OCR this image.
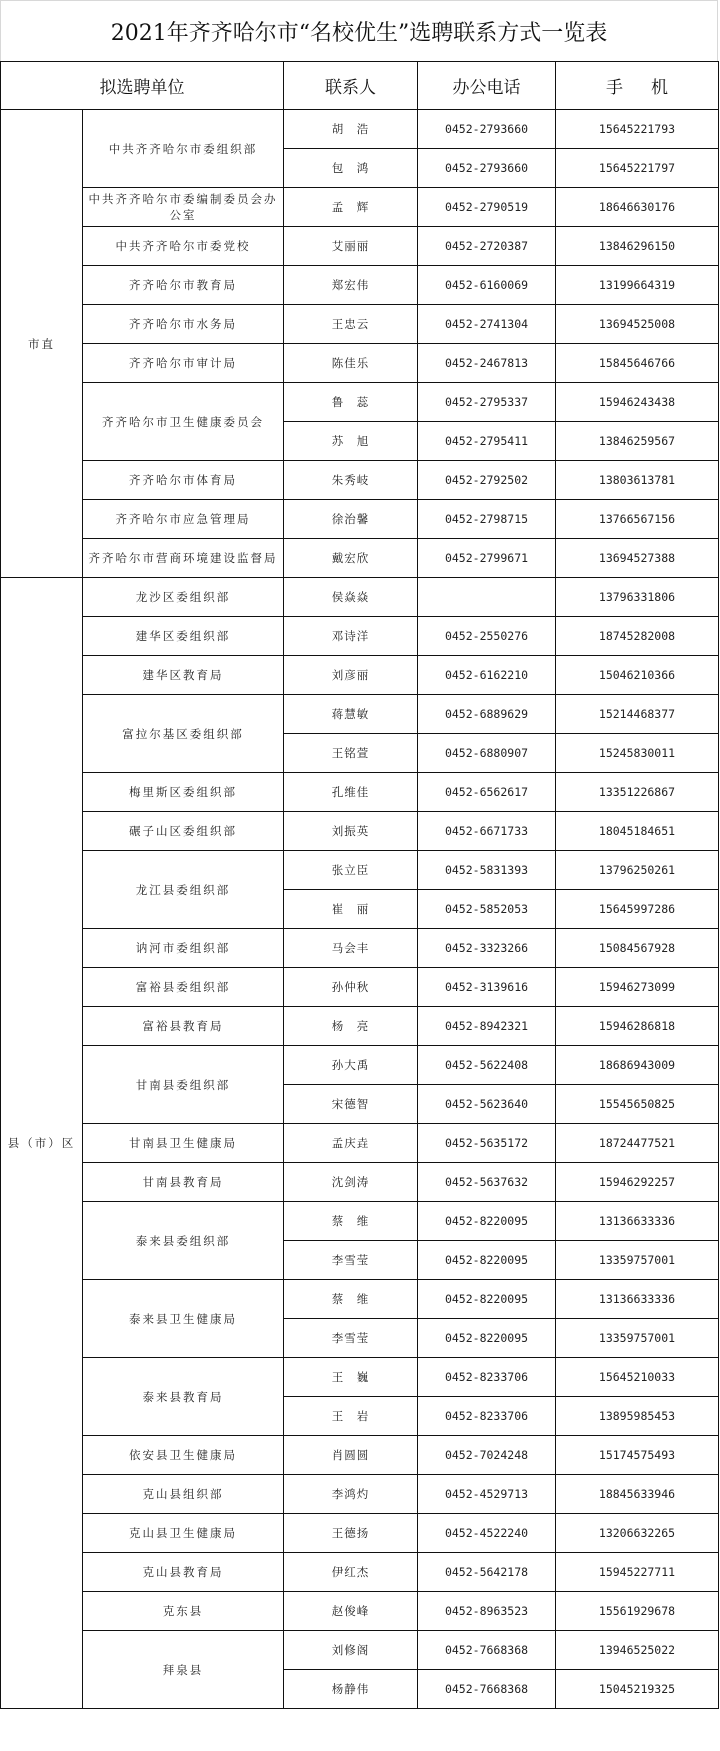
2021年齐齐哈尔市“名校优生”选聘联系方式一览表
拟选聘单位		联系人	办公电话	手机
市直	中共齐齐哈尔市委组织部	胡　浩	0452-2793660	15645221793
		包　鸿	0452-2793660	15645221797
	中共齐齐哈尔市委编制委员会办公室	孟　辉	0452-2790519	18646630176
	中共齐齐哈尔市委党校	艾丽丽	0452-2720387	13846296150
	齐齐哈尔市教育局	郑宏伟	0452-6160069	13199664319
	齐齐哈尔市水务局	王忠云	0452-2741304	13694525008
	齐齐哈尔市审计局	陈佳乐	0452-2467813	15845646766
	齐齐哈尔市卫生健康委员会	鲁　蕊	0452-2795337	15946243438
		苏　旭	0452-2795411	13846259567
	齐齐哈尔市体育局	朱秀岐	0452-2792502	13803613781
	齐齐哈尔市应急管理局	徐治馨	0452-2798715	13766567156
	齐齐哈尔市营商环境建设监督局	戴宏欣	0452-2799671	13694527388
县（市）区	龙沙区委组织部	侯焱焱		13796331806
	建华区委组织部	邓诗洋	0452-2550276	18745282008
	建华区教育局	刘彦丽	0452-6162210	15046210366
	富拉尔基区委组织部	蒋慧敏	0452-6889629	15214468377
		王铭萱	0452-6880907	15245830011
	梅里斯区委组织部	孔维佳	0452-6562617	13351226867
	碾子山区委组织部	刘振英	0452-6671733	18045184651
	龙江县委组织部	张立臣	0452-5831393	13796250261
		崔　丽	0452-5852053	15645997286
	讷河市委组织部	马会丰	0452-3323266	15084567928
	富裕县委组织部	孙仲秋	0452-3139616	15946273099
	富裕县教育局	杨　亮	0452-8942321	15946286818
	甘南县委组织部	孙大禹	0452-5622408	18686943009
		宋德智	0452-5623640	15545650825
	甘南县卫生健康局	孟庆垚	0452-5635172	18724477521
	甘南县教育局	沈剑涛	0452-5637632	15946292257
	泰来县委组织部	蔡　维	0452-8220095	13136633336
		李雪莹	0452-8220095	13359757001
	泰来县卫生健康局	蔡　维	0452-8220095	13136633336
		李雪莹	0452-8220095	13359757001
	泰来县教育局	王　巍	0452-8233706	15645210033
		王　岩	0452-8233706	13895985453
	依安县卫生健康局	肖圆圆	0452-7024248	15174575493
	克山县组织部	李鸿灼	0452-4529713	18845633946
	克山县卫生健康局	王德扬	0452-4522240	13206632265
	克山县教育局	伊红杰	0452-5642178	15945227711
	克东县	赵俊峰	0452-8963523	15561929678
	拜泉县	刘修阁	0452-7668368	13946525022
		杨静伟	0452-7668368	15045219325
